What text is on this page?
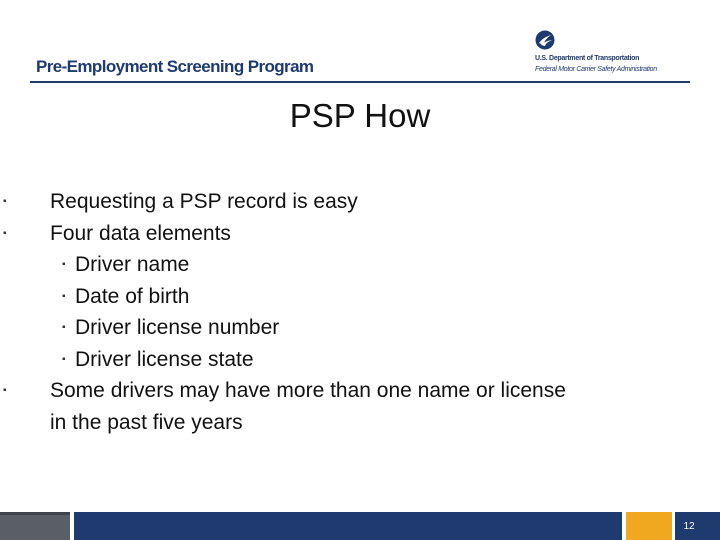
Pre-Employment Screening Program	U.S. Department of Transportation
Federal Motor Carrier Safety Administration
PSP How
▪ Requesting a PSP record is easy
▪ Four data elements
▪ Driver name
▪ Date of birth
▪ Driver license number
▪ Driver license state
▪ Some drivers may have more than one name or license
in the past five years
12
